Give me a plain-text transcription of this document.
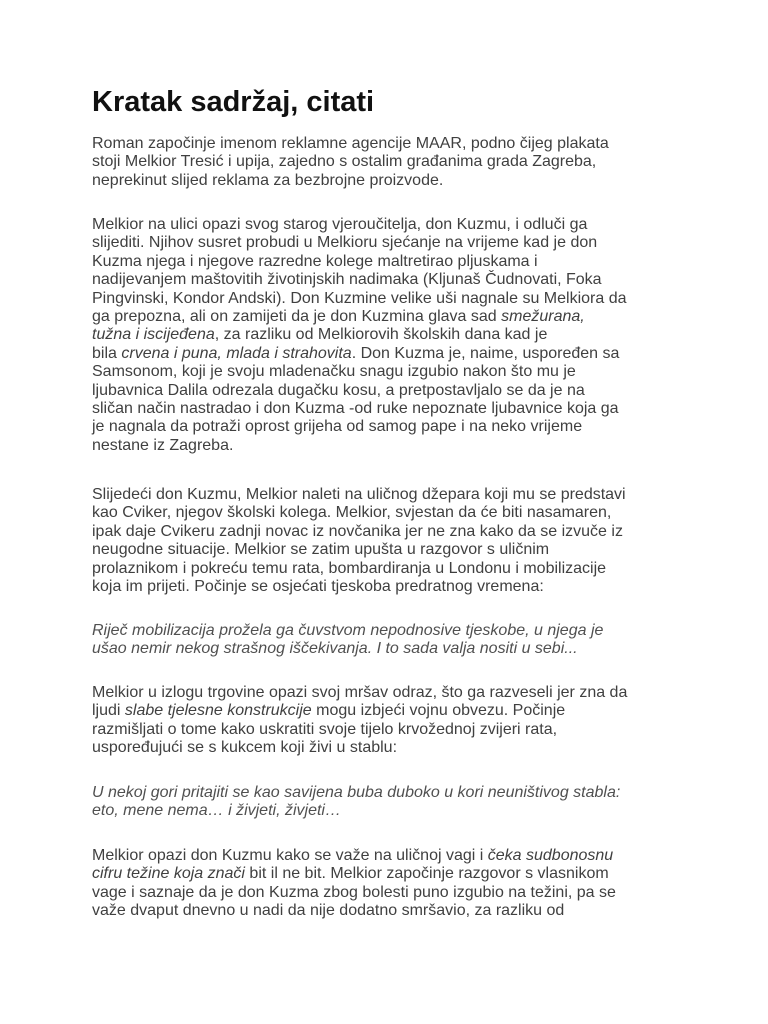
Kratak sadržaj, citati
Roman započinje imenom reklamne agencije MAAR, podno čijeg plakata
stoji Melkior Tresić i upija, zajedno s ostalim građanima grada Zagreba,
neprekinut slijed reklama za bezbrojne proizvode.
Melkior na ulici opazi svog starog vjeroučitelja, don Kuzmu, i odluči ga
slijediti. Njihov susret probudi u Melkioru sjećanje na vrijeme kad je don
Kuzma njega i njegove razredne kolege maltretirao pljuskama i
nadijevanjem maštovitih životinjskih nadimaka (Kljunaš Čudnovati, Foka
Pingvinski, Kondor Andski). Don Kuzmine velike uši nagnale su Melkiora da
ga prepozna, ali on zamijeti da je don Kuzmina glava sad smežurana,
tužna i iscijeđena, za razliku od Melkiorovih školskih dana kad je
bila crvena i puna, mlada i strahovita. Don Kuzma je, naime, uspoređen sa
Samsonom, koji je svoju mladenačku snagu izgubio nakon što mu je
ljubavnica Dalila odrezala dugačku kosu, a pretpostavljalo se da je na
sličan način nastradao i don Kuzma -od ruke nepoznate ljubavnice koja ga
je nagnala da potraži oprost grijeha od samog pape i na neko vrijeme
nestane iz Zagreba.
Slijedeći don Kuzmu, Melkior naleti na uličnog džepara koji mu se predstavi
kao Cviker, njegov školski kolega. Melkior, svjestan da će biti nasamaren,
ipak daje Cvikeru zadnji novac iz novčanika jer ne zna kako da se izvuče iz
neugodne situacije. Melkior se zatim upušta u razgovor s uličnim
prolaznikom i pokreću temu rata, bombardiranja u Londonu i mobilizacije
koja im prijeti. Počinje se osjećati tjeskoba predratnog vremena:
Riječ mobilizacija prožela ga čuvstvom nepodnosive tjeskobe, u njega je
ušao nemir nekog strašnog iščekivanja. I to sada valja nositi u sebi...
Melkior u izlogu trgovine opazi svoj mršav odraz, što ga razveseli jer zna da
ljudi slabe tjelesne konstrukcije mogu izbjeći vojnu obvezu. Počinje
razmišljati o tome kako uskratiti svoje tijelo krvožednoj zvijeri rata,
uspoređujući se s kukcem koji živi u stablu:
U nekoj gori pritajiti se kao savijena buba duboko u kori neuništivog stabla:
eto, mene nema… i živjeti, živjeti…
Melkior opazi don Kuzmu kako se važe na uličnoj vagi i čeka sudbonosnu
cifru težine koja znači bit il ne bit. Melkior započinje razgovor s vlasnikom
vage i saznaje da je don Kuzma zbog bolesti puno izgubio na težini, pa se
važe dvaput dnevno u nadi da nije dodatno smršavio, za razliku od
